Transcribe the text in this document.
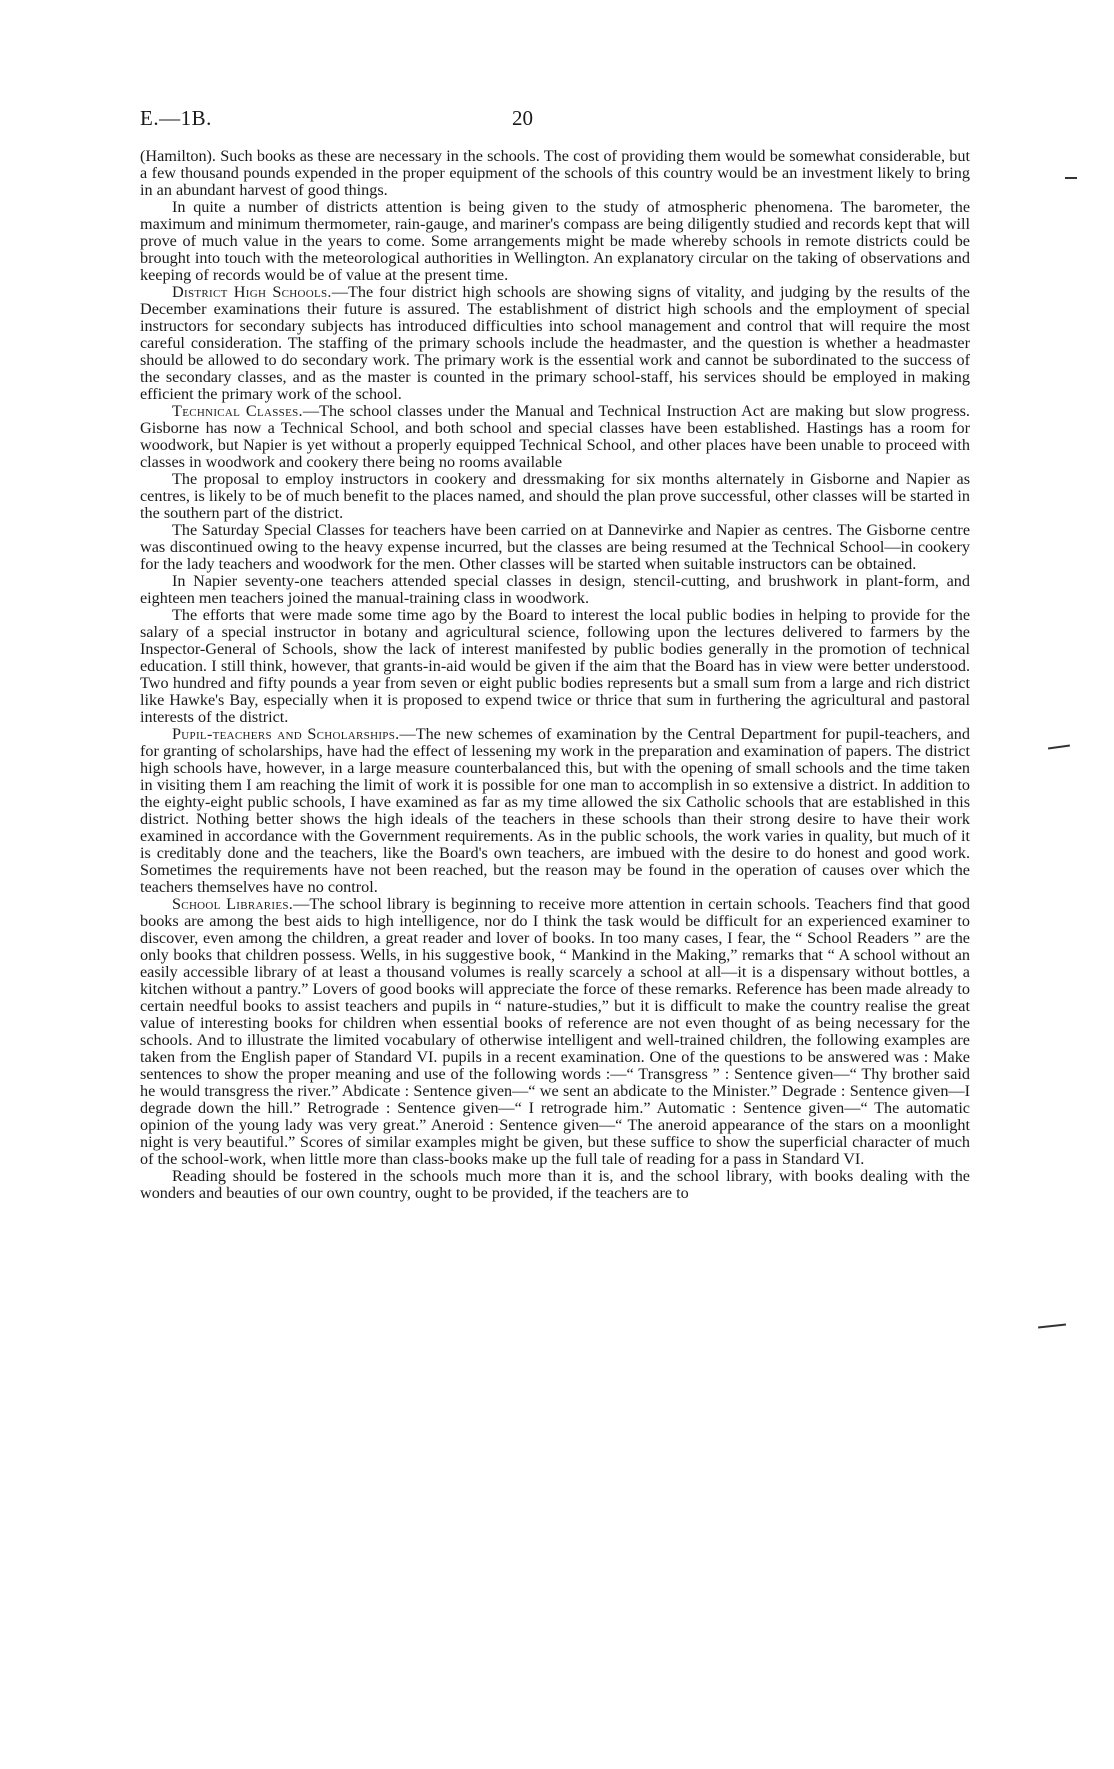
E.—1B.	20

(Hamilton). Such books as these are necessary in the schools. The cost of providing them would be somewhat considerable, but a few thousand pounds expended in the proper equipment of the schools of this country would be an investment likely to bring in an abundant harvest of good things.

In quite a number of districts attention is being given to the study of atmospheric phenomena. The barometer, the maximum and minimum thermometer, rain-gauge, and mariner's compass are being diligently studied and records kept that will prove of much value in the years to come. Some arrangements might be made whereby schools in remote districts could be brought into touch with the meteorological authorities in Wellington. An explanatory circular on the taking of observations and keeping of records would be of value at the present time.

District High Schools.—The four district high schools are showing signs of vitality, and judging by the results of the December examinations their future is assured. The establishment of district high schools and the employment of special instructors for secondary subjects has introduced difficulties into school management and control that will require the most careful consideration. The staffing of the primary schools include the headmaster, and the question is whether a headmaster should be allowed to do secondary work. The primary work is the essential work and cannot be subordinated to the success of the secondary classes, and as the master is counted in the primary school-staff, his services should be employed in making efficient the primary work of the school.

Technical Classes.—The school classes under the Manual and Technical Instruction Act are making but slow progress. Gisborne has now a Technical School, and both school and special classes have been established. Hastings has a room for woodwork, but Napier is yet without a properly equipped Technical School, and other places have been unable to proceed with classes in woodwork and cookery there being no rooms available

The proposal to employ instructors in cookery and dressmaking for six months alternately in Gisborne and Napier as centres, is likely to be of much benefit to the places named, and should the plan prove successful, other classes will be started in the southern part of the district.

The Saturday Special Classes for teachers have been carried on at Dannevirke and Napier as centres. The Gisborne centre was discontinued owing to the heavy expense incurred, but the classes are being resumed at the Technical School—in cookery for the lady teachers and woodwork for the men. Other classes will be started when suitable instructors can be obtained.

In Napier seventy-one teachers attended special classes in design, stencil-cutting, and brushwork in plant-form, and eighteen men teachers joined the manual-training class in woodwork.

The efforts that were made some time ago by the Board to interest the local public bodies in helping to provide for the salary of a special instructor in botany and agricultural science, following upon the lectures delivered to farmers by the Inspector-General of Schools, show the lack of interest manifested by public bodies generally in the promotion of technical education. I still think, however, that grants-in-aid would be given if the aim that the Board has in view were better understood. Two hundred and fifty pounds a year from seven or eight public bodies represents but a small sum from a large and rich district like Hawke's Bay, especially when it is proposed to expend twice or thrice that sum in furthering the agricultural and pastoral interests of the district.

Pupil-teachers and Scholarships.—The new schemes of examination by the Central Department for pupil-teachers, and for granting of scholarships, have had the effect of lessening my work in the preparation and examination of papers. The district high schools have, however, in a large measure counterbalanced this, but with the opening of small schools and the time taken in visiting them I am reaching the limit of work it is possible for one man to accomplish in so extensive a district. In addition to the eighty-eight public schools, I have examined as far as my time allowed the six Catholic schools that are established in this district. Nothing better shows the high ideals of the teachers in these schools than their strong desire to have their work examined in accordance with the Government requirements. As in the public schools, the work varies in quality, but much of it is creditably done and the teachers, like the Board's own teachers, are imbued with the desire to do honest and good work. Sometimes the requirements have not been reached, but the reason may be found in the operation of causes over which the teachers themselves have no control.

School Libraries.—The school library is beginning to receive more attention in certain schools. Teachers find that good books are among the best aids to high intelligence, nor do I think the task would be difficult for an experienced examiner to discover, even among the children, a great reader and lover of books. In too many cases, I fear, the “ School Readers ” are the only books that children possess. Wells, in his suggestive book, “ Mankind in the Making,” remarks that “ A school without an easily accessible library of at least a thousand volumes is really scarcely a school at all—it is a dispensary without bottles, a kitchen without a pantry.” Lovers of good books will appreciate the force of these remarks. Reference has been made already to certain needful books to assist teachers and pupils in “ nature-studies,” but it is difficult to make the country realise the great value of interesting books for children when essential books of reference are not even thought of as being necessary for the schools. And to illustrate the limited vocabulary of otherwise intelligent and well-trained children, the following examples are taken from the English paper of Standard VI. pupils in a recent examination. One of the questions to be answered was : Make sentences to show the proper meaning and use of the following words :—“ Transgress ” : Sentence given—“ Thy brother said he would transgress the river.” Abdicate : Sentence given—“ we sent an abdicate to the Minister.” Degrade : Sentence given—I degrade down the hill.” Retrograde : Sentence given—“ I retrograde him.” Automatic : Sentence given—“ The automatic opinion of the young lady was very great.” Aneroid : Sentence given—“ The aneroid appearance of the stars on a moonlight night is very beautiful.” Scores of similar examples might be given, but these suffice to show the superficial character of much of the school-work, when little more than class-books make up the full tale of reading for a pass in Standard VI.

Reading should be fostered in the schools much more than it is, and the school library, with books dealing with the wonders and beauties of our own country, ought to be provided, if the teachers are to
